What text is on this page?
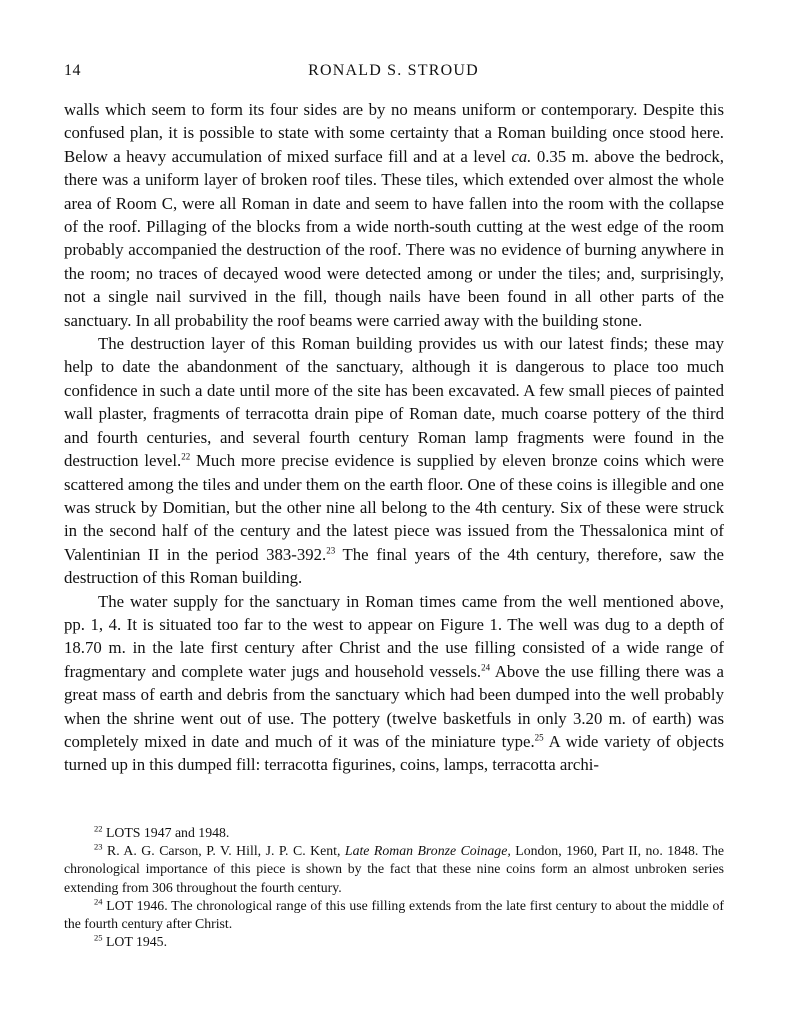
14	RONALD S. STROUD

walls which seem to form its four sides are by no means uniform or contemporary. Despite this confused plan, it is possible to state with some certainty that a Roman building once stood here. Below a heavy accumulation of mixed surface fill and at a level ca. 0.35 m. above the bedrock, there was a uniform layer of broken roof tiles. These tiles, which extended over almost the whole area of Room C, were all Roman in date and seem to have fallen into the room with the collapse of the roof. Pillaging of the blocks from a wide north-south cutting at the west edge of the room probably accompanied the destruction of the roof. There was no evidence of burning anywhere in the room; no traces of decayed wood were detected among or under the tiles; and, surprisingly, not a single nail survived in the fill, though nails have been found in all other parts of the sanctuary. In all probability the roof beams were carried away with the building stone.

The destruction layer of this Roman building provides us with our latest finds; these may help to date the abandonment of the sanctuary, although it is dangerous to place too much confidence in such a date until more of the site has been excavated. A few small pieces of painted wall plaster, fragments of terracotta drain pipe of Roman date, much coarse pottery of the third and fourth centuries, and several fourth century Roman lamp fragments were found in the destruction level.$^{22}$ Much more precise evidence is supplied by eleven bronze coins which were scattered among the tiles and under them on the earth floor. One of these coins is illegible and one was struck by Domitian, but the other nine all belong to the 4th century. Six of these were struck in the second half of the century and the latest piece was issued from the Thessalonica mint of Valentinian II in the period 383-392.23 The final years of the 4th century, therefore, saw the destruction of this Roman building.

The water supply for the sanctuary in Roman times came from the well mentioned above, pp. 1, 4. It is situated too far to the west to appear on Figure 1. The well was dug to a depth of 18.70 m. in the late first century after Christ and the use filling consisted of a wide range of fragmentary and complete water jugs and household vessels.$^{24}$ Above the use filling there was a great mass of earth and debris from the sanctuary which had been dumped into the well probably when the shrine went out of use. The pottery (twelve basketfuls in only 3.20 m. of earth) was completely mixed in date and much of it was of the miniature type.$^{25}$ A wide variety of objects turned up in this dumped fill: terracotta figurines, coins, lamps, terracotta archi-

$^{22}$ LOTS 1947 and 1948.

$^{23}$ R. A. G. Carson, P. V. Hill, J. P. C. Kent, Late Roman Bronze Coinage, London, 1960, Part II, no. 1848. The chronological importance of this piece is shown by the fact that these nine coins form an almost unbroken series extending from 306 throughout the fourth century.

$^{24}$ LOT 1946. The chronological range of this use filling extends from the late first century to about the middle of the fourth century after Christ.

$^{25}$ LOT 1945.
